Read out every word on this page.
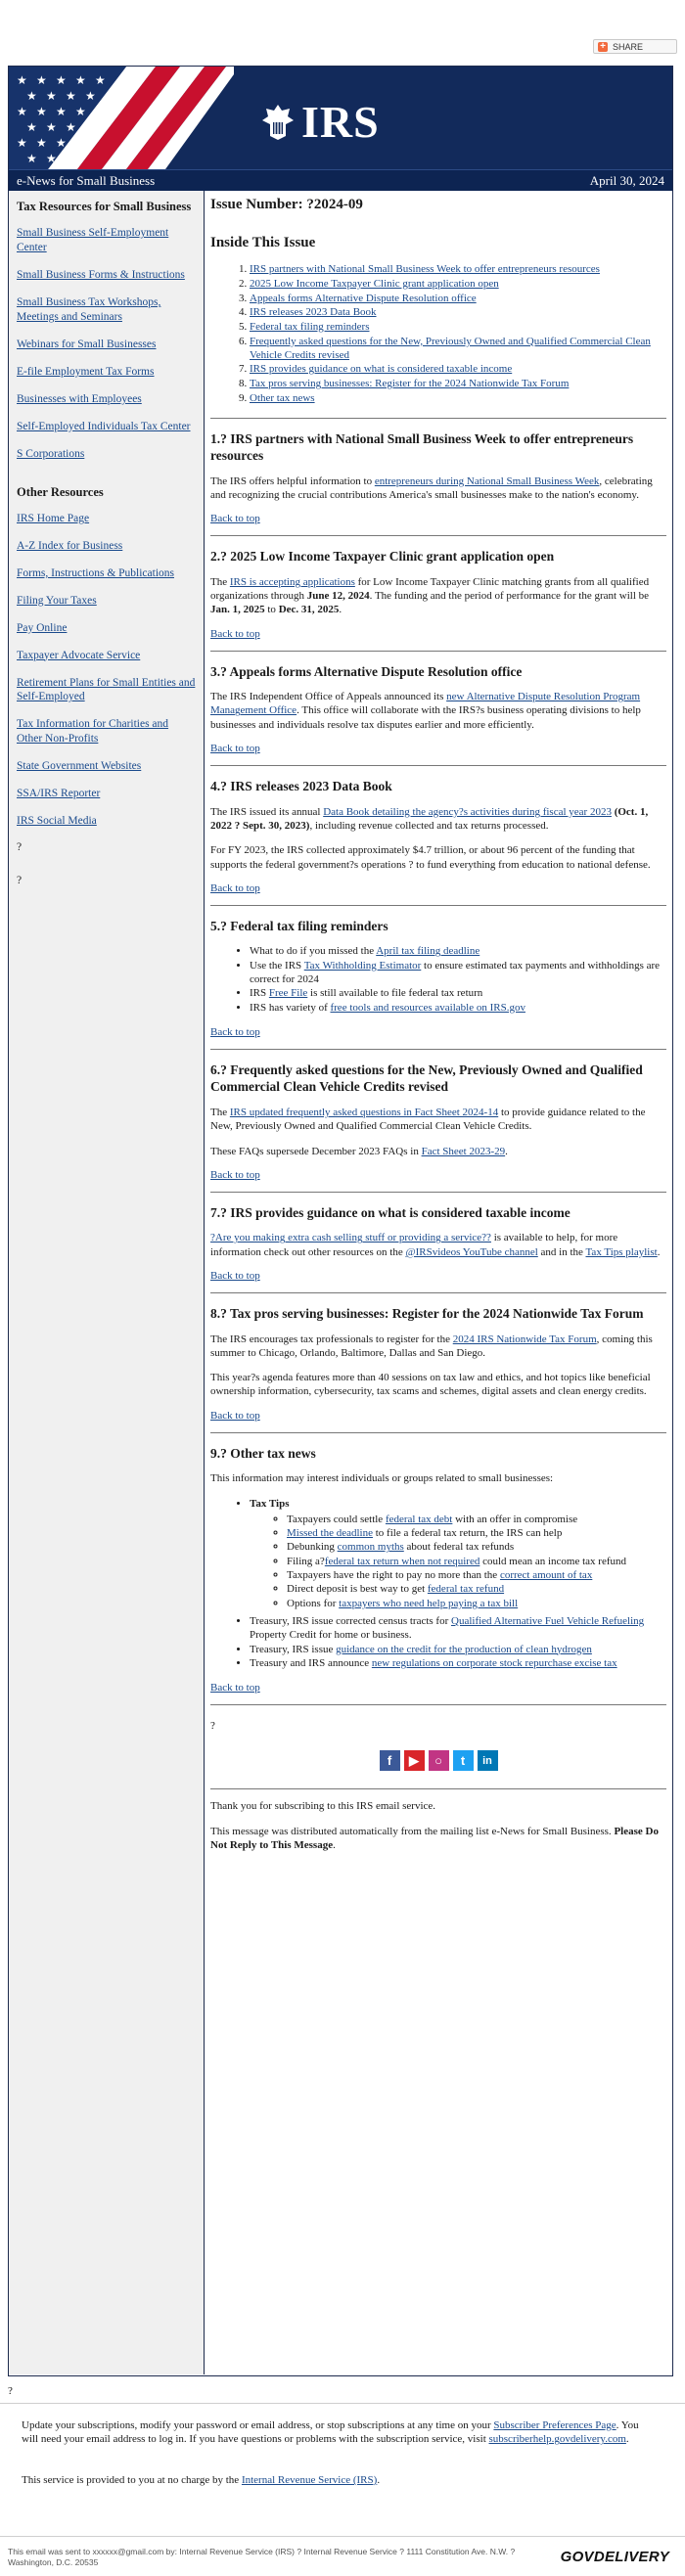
+ SHARE
★ ★ ★ ★ ★
★ ★ ★ ★
★ ★ ★ ★
★ ★ ★
★ ★ ★
★ ★
IRS
e-News for Small Business	April 30, 2024
Tax Resources for Small Business
Small Business Self-Employment Center
Small Business Forms & Instructions
Small Business Tax Workshops, Meetings and Seminars
Webinars for Small Businesses
E-file Employment Tax Forms
Businesses with Employees
Self-Employed Individuals Tax Center
S Corporations
Other Resources
IRS Home Page
A-Z Index for Business
Forms, Instructions & Publications
Filing Your Taxes
Pay Online
Taxpayer Advocate Service
Retirement Plans for Small Entities and Self-Employed
Tax Information for Charities and Other Non-Profits
State Government Websites
SSA/IRS Reporter
IRS Social Media
?
?
Issue Number: ?2024-09
Inside This Issue
1. IRS partners with National Small Business Week to offer entrepreneurs resources
2. 2025 Low Income Taxpayer Clinic grant application open
3. Appeals forms Alternative Dispute Resolution office
4. IRS releases 2023 Data Book
5. Federal tax filing reminders
6. Frequently asked questions for the New, Previously Owned and Qualified Commercial Clean Vehicle Credits revised
7. IRS provides guidance on what is considered taxable income
8. Tax pros serving businesses: Register for the 2024 Nationwide Tax Forum
9. Other tax news
1.? IRS partners with National Small Business Week to offer entrepreneurs resources

The IRS offers helpful information to entrepreneurs during National Small Business Week, celebrating and recognizing the crucial contributions America's small businesses make to the nation's economy.

Back to top
2.? 2025 Low Income Taxpayer Clinic grant application open

The IRS is accepting applications for Low Income Taxpayer Clinic matching grants from all qualified organizations through June 12, 2024. The funding and the period of performance for the grant will be Jan. 1, 2025 to Dec. 31, 2025.

Back to top
3.? Appeals forms Alternative Dispute Resolution office

The IRS Independent Office of Appeals announced its new Alternative Dispute Resolution Program Management Office. This office will collaborate with the IRS?s business operating divisions to help businesses and individuals resolve tax disputes earlier and more efficiently.

Back to top
4.? IRS releases 2023 Data Book

The IRS issued its annual Data Book detailing the agency?s activities during fiscal year 2023 (Oct. 1, 2022 ? Sept. 30, 2023), including revenue collected and tax returns processed.

For FY 2023, the IRS collected approximately $4.7 trillion, or about 96 percent of the funding that supports the federal government?s operations ? to fund everything from education to national defense.

Back to top
5.? Federal tax filing reminders
• What to do if you missed the April tax filing deadline
• Use the IRS Tax Withholding Estimator to ensure estimated tax payments and withholdings are correct for 2024
• IRS Free File is still available to file federal tax return
• IRS has variety of free tools and resources available on IRS.gov
Back to top
6.? Frequently asked questions for the New, Previously Owned and Qualified Commercial Clean Vehicle Credits revised

The IRS updated frequently asked questions in Fact Sheet 2024-14 to provide guidance related to the New, Previously Owned and Qualified Commercial Clean Vehicle Credits.

These FAQs supersede December 2023 FAQs in Fact Sheet 2023-29.

Back to top
7.? IRS provides guidance on what is considered taxable income

?Are you making extra cash selling stuff or providing a service?? is available to help, for more information check out other resources on the @IRSvideos YouTube channel and in the Tax Tips playlist.

Back to top
8.? Tax pros serving businesses: Register for the 2024 Nationwide Tax Forum

The IRS encourages tax professionals to register for the 2024 IRS Nationwide Tax Forum, coming this summer to Chicago, Orlando, Baltimore, Dallas and San Diego.

This year?s agenda features more than 40 sessions on tax law and ethics, and hot topics like beneficial ownership information, cybersecurity, tax scams and schemes, digital assets and clean energy credits.

Back to top
9.? Other tax news

This information may interest individuals or groups related to small businesses:

• Tax Tips
◦ Taxpayers could settle federal tax debt with an offer in compromise
◦ Missed the deadline to file a federal tax return, the IRS can help
◦ Debunking common myths about federal tax refunds
◦ Filing a?federal tax return when not required could mean an income tax refund
◦ Taxpayers have the right to pay no more than the correct amount of tax
◦ Direct deposit is best way to get federal tax refund
◦ Options for taxpayers who need help paying a tax bill
• Treasury, IRS issue corrected census tracts for Qualified Alternative Fuel Vehicle Refueling Property Credit for home or business.
• Treasury, IRS issue guidance on the credit for the production of clean hydrogen
• Treasury and IRS announce new regulations on corporate stock repurchase excise tax
Back to top

?

f	▶	○	t	in

Thank you for subscribing to this IRS email service.

This message was distributed automatically from the mailing list e-News for Small Business. Please Do Not Reply to This Message.

?
Update your subscriptions, modify your password or email address, or stop subscriptions at any time on your Subscriber Preferences Page. You will need your email address to log in. If you have questions or problems with the subscription service, visit subscriberhelp.govdelivery.com.
This service is provided to you at no charge by the Internal Revenue Service (IRS).
This email was sent to xxxxxx@gmail.com by: Internal Revenue Service (IRS) ? Internal Revenue Service ? 1111 Constitution Ave. N.W. ? Washington, D.C. 20535	GOVDELIVERY
